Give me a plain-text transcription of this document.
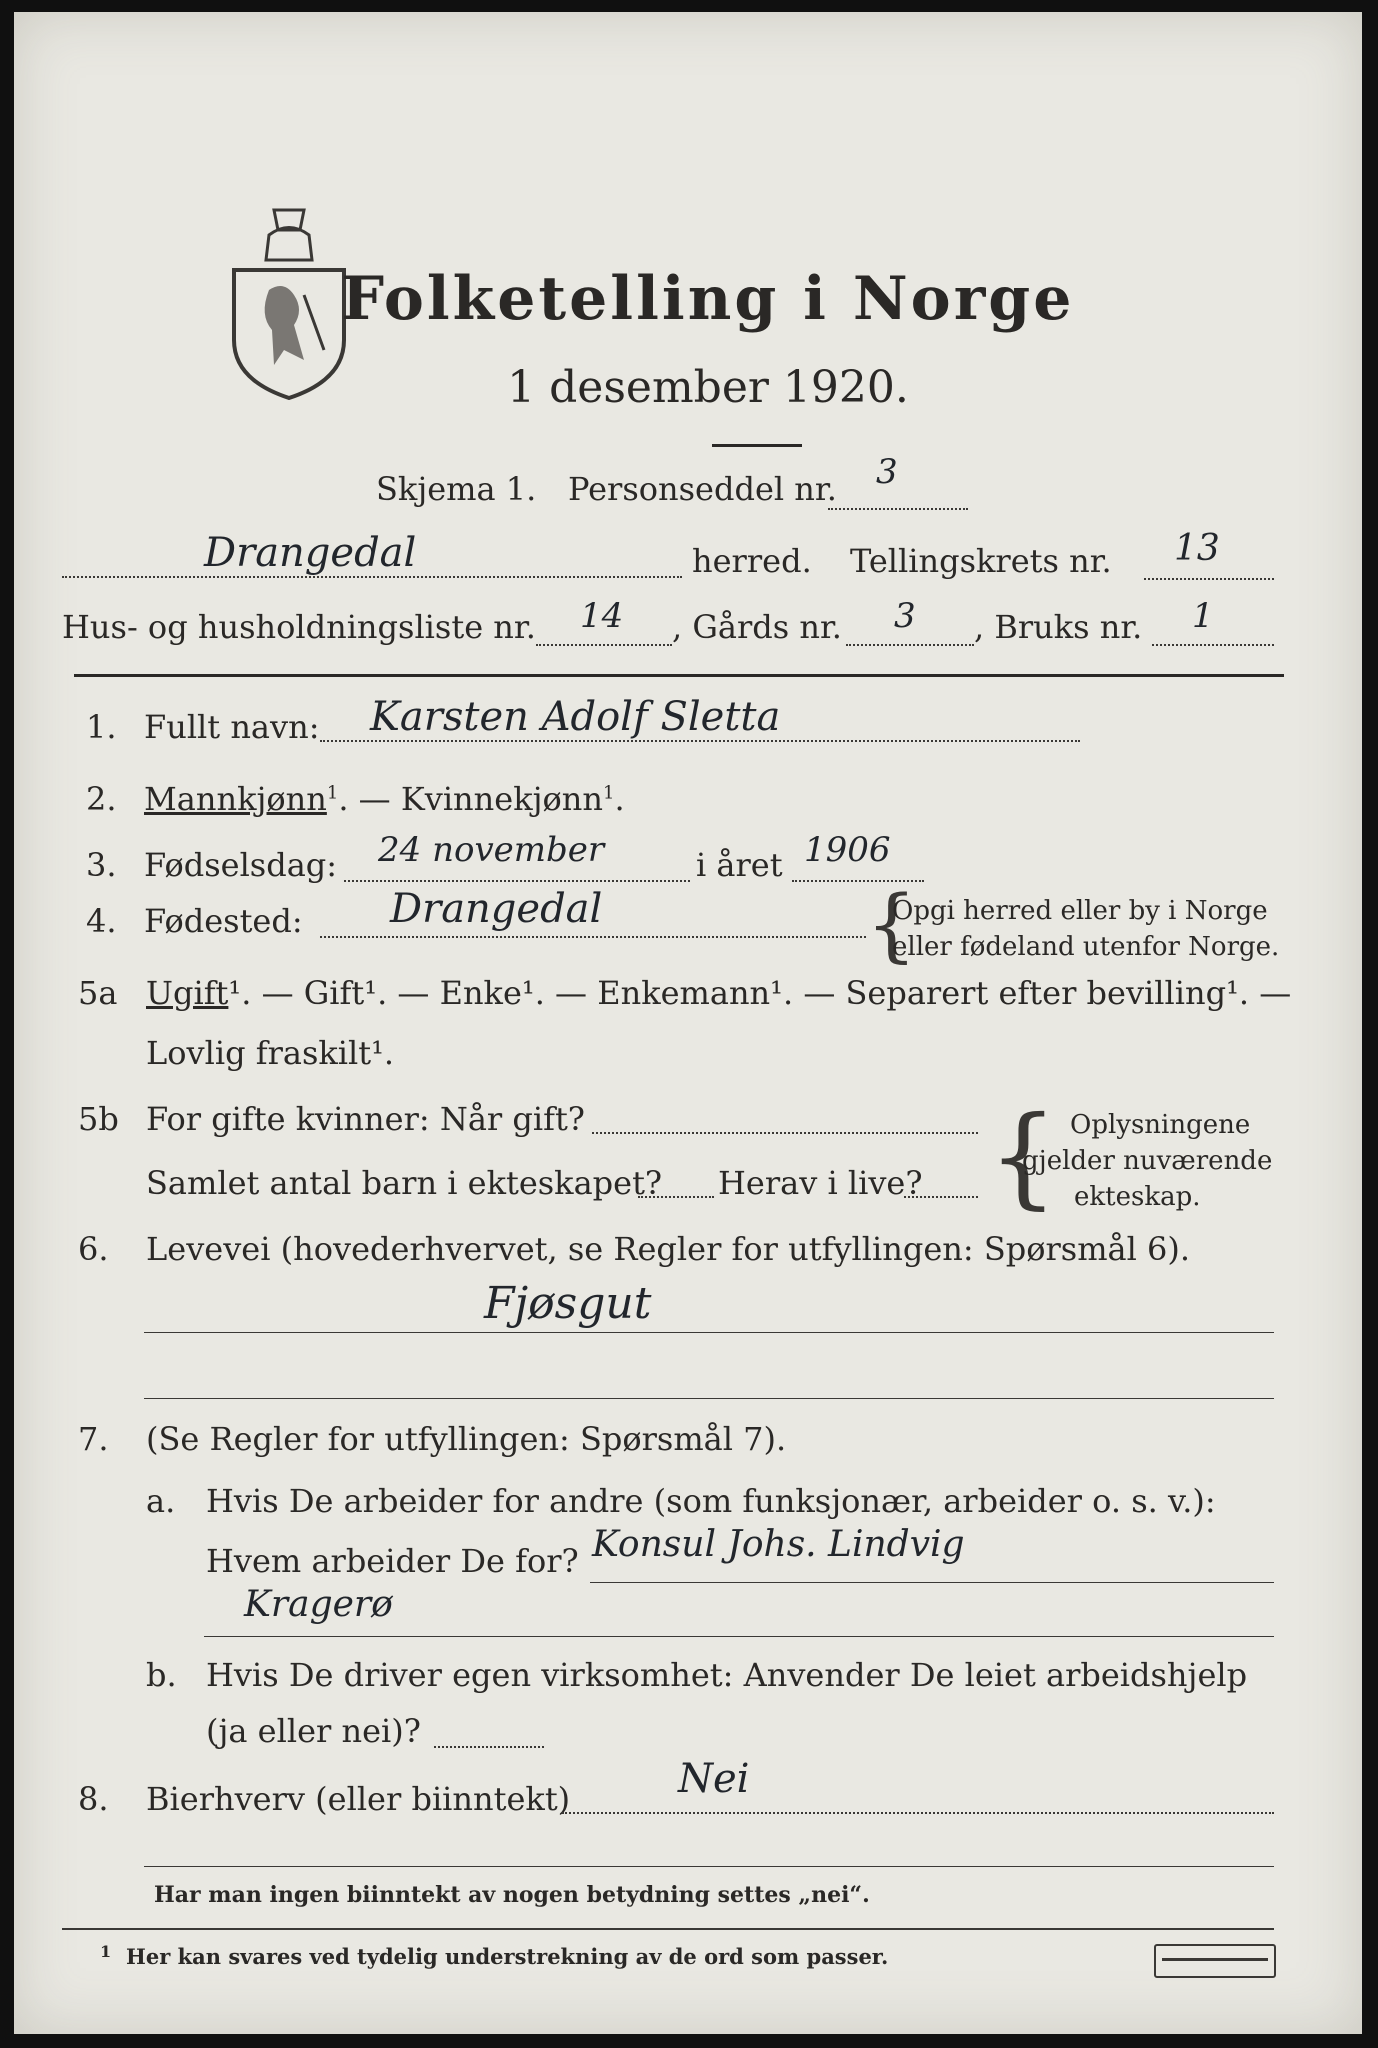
Folketelling i Norge
1 desember 1920.
Skjema 1. Personseddel nr. 3
Drangedal	herred. Tellingskrets nr. 13
Hus- og husholdningsliste nr. 14 , Gårds nr. 3 , Bruks nr. 1
1. Fullt navn: Karsten Adolf Sletta
2. Mannkjønn$^1$. — Kvinnekjønn$^1$.
3. Fødselsdag: 24 november	i året 1906
4. Fødested: Drangedal	{
Opgi herred eller by i Norge
eller fødeland utenfor Norge.
5a Ugift¹. — Gift¹. — Enke¹. — Enkemann¹. — Separert efter bevilling¹. —
Lovlig fraskilt¹.
5b For gifte kvinner: Når gift?
Samlet antal barn i ekteskapet? Herav i live? { Oplysningene
gjelder nuværende
ekteskap.
6. Levevei (hovederhvervet, se Regler for utfyllingen: Spørsmål 6).
Fjøsgut
7. (Se Regler for utfyllingen: Spørsmål 7).
a. Hvis De arbeider for andre (som funksjonær, arbeider o. s. v.):
Hvem arbeider De for? Konsul Johs. Lindvig
Kragerø
b. Hvis De driver egen virksomhet: Anvender De leiet arbeidshjelp
(ja eller nei)?
8. Bierhverv (eller biinntekt)	Nei
Har man ingen biinntekt av nogen betydning settes „nei“.
1 Her kan svares ved tydelig understrekning av de ord som passer.
